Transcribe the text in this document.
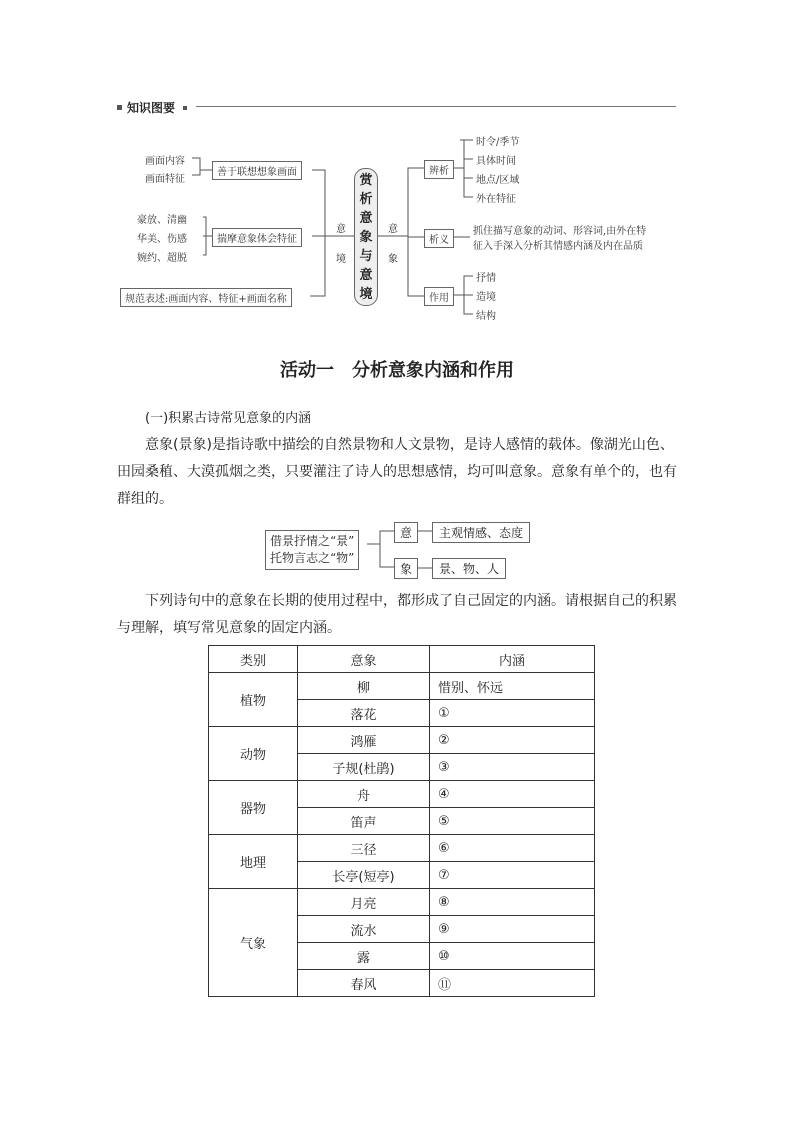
知识图要
画面内容
画面特征
善于联想想象画面
豪放、清幽
华美、伤感
婉约、超脱
揣摩意象体会特征
规范表述:画面内容、特征+画面名称
意

境
赏
析
意
象
与
意
境
意

象
辨析
时令/季节
具体时间
地点/区域
外在特征
析义
抓住描写意象的动词、形容词,由外在特
征入手深入分析其情感内涵及内在品质
作用
抒情
造境
结构
活动一　分析意象内涵和作用
(一)积累古诗常见意象的内涵

意象(景象)是指诗歌中描绘的自然景物和人文景物，是诗人感情的载体。像湖光山色、田园桑稙、大漠孤烟之类，只要灌注了诗人的思想感情，均可叫意象。意象有单个的，也有群组的。

借景抒情之“景”
托物言志之“物”
意
象
主观情感、态度
景、物、人

下列诗句中的意象在长期的使用过程中，都形成了自己固定的内涵。请根据自己的积累与理解，填写常见意象的固定内涵。

类别	意象	内涵
植物	柳	惜别、怀远
	落花	①
动物	鸿雁	②
	子规(杜鹃)	③
器物	舟	④
	笛声	⑤
地理	三径	⑥
	长亭(短亭)	⑦
气象	月亮	⑧
	流水	⑨
	露	⑩
	春风	⑪
